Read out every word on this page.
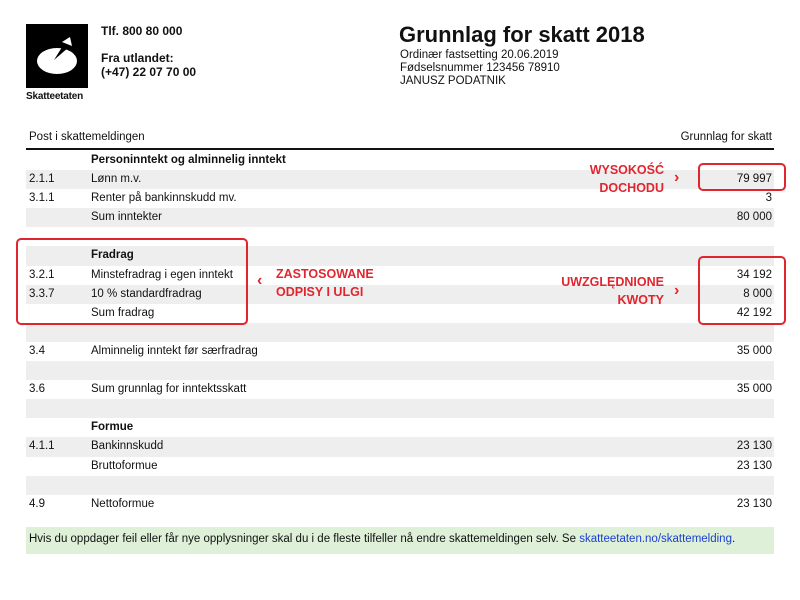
Skatteetaten
Tlf. 800 80 000
Fra utlandet:
(+47) 22 07 70 00
Grunnlag for skatt 2018
Ordinær fastsetting 20.06.2019
Fødselsnummer 123456 78910
JANUSZ PODATNIK
Post i skattemeldingen	Grunnlag for skatt
Personinntekt og alminnelig inntekt
2.1.1	Lønn m.v.	79 997
3.1.1	Renter på bankinnskudd mv.	3
Sum inntekter	80 000
Fradrag
3.2.1	Minstefradrag i egen inntekt	34 192
3.3.7	10 % standardfradrag	8 000
Sum fradrag	42 192
3.4	Alminnelig inntekt før særfradrag	35 000
3.6	Sum grunnlag for inntektsskatt	35 000
Formue
4.1.1	Bankinnskudd	23 130
Bruttoformue	23 130
4.9	Nettoformue	23 130
Hvis du oppdager feil eller får nye opplysninger skal du i de fleste tilfeller nå endre skattemeldingen selv. Se skatteetaten.no/skattemelding.
WYSOKOŚĆ
DOCHODU
›
‹ ZASTOSOWANE
ODPISY I ULGI
UWZGLĘDNIONE
KWOTY
›
